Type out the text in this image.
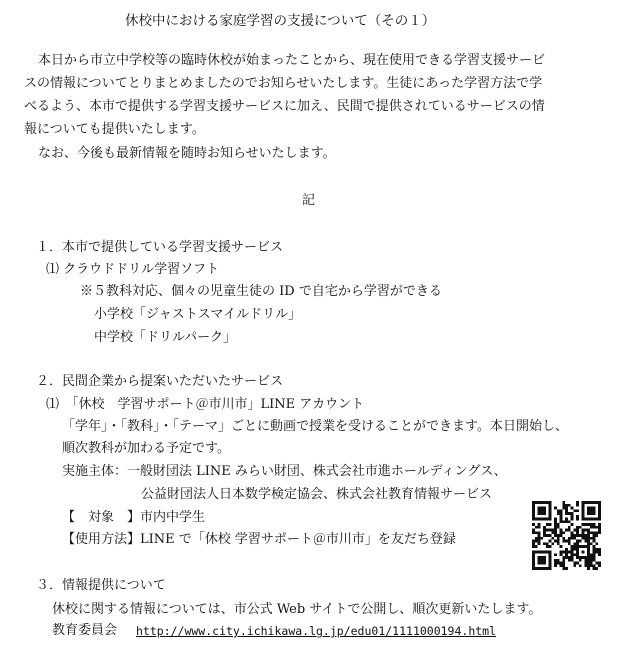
休校中における家庭学習の支援について（その１）
本日から市立中学校等の臨時休校が始まったことから、現在使用できる学習支援サービ
スの情報についてとりまとめましたのでお知らせいたします。生徒にあった学習方法で学
べるよう、本市で提供する学習支援サービスに加え、民間で提供されているサービスの情
報についても提供いたします。
なお、今後も最新情報を随時お知らせいたします。
記
１．本市で提供している学習支援サービス
⑴ クラウドドリル学習ソフト
※５教科対応、個々の児童生徒の ID で自宅から学習ができる
小学校「ジャストスマイルドリル」
中学校「ドリルパーク」
２．民間企業から提案いただいたサービス
⑴　「休校　学習サポート＠市川市」LINE アカウント
「学年」・「教科」・「テーマ」ごとに動画で授業を受けることができます。本日開始し、
順次教科が加わる予定です。
実施主体：一般財団法 LINE みらい財団、株式会社市進ホールディングス、
公益財団法人日本数学検定協会、株式会社教育情報サービス
【　対象　】市内中学生
【使用方法】LINE で「休校 学習サポート＠市川市」を友だち登録
３．情報提供について
休校に関する情報については、市公式 Web サイトで公開し、順次更新いたします。
教育委員会 http://www.city.ichikawa.lg.jp/edu01/1111000194.html
